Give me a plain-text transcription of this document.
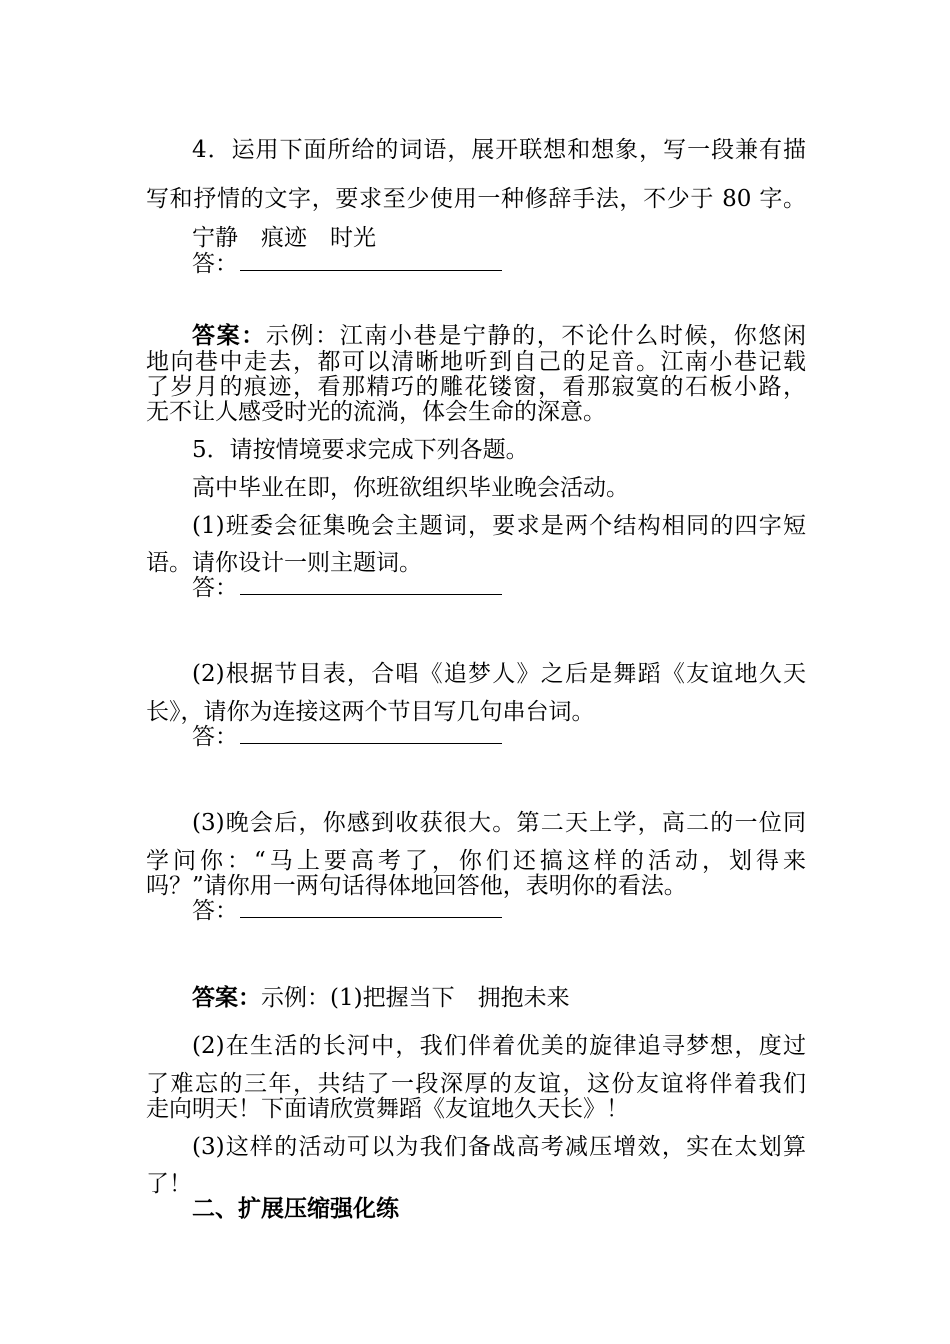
4．运用下面所给的词语，展开联想和想象，写一段兼有描
写和抒情的文字，要求至少使用一种修辞手法，不少于 80 字。
宁静　痕迹　时光
答：
答案：示例：江南小巷是宁静的，不论什么时候，你悠闲
地向巷中走去，都可以清晰地听到自己的足音。江南小巷记载
了岁月的痕迹，看那精巧的雕花镂窗，看那寂寞的石板小路，
无不让人感受时光的流淌，体会生命的深意。
5．请按情境要求完成下列各题。
高中毕业在即，你班欲组织毕业晚会活动。
(1)班委会征集晚会主题词，要求是两个结构相同的四字短
语。请你设计一则主题词。
答：
(2)根据节目表，合唱《追梦人》之后是舞蹈《友谊地久天
长》，请你为连接这两个节目写几句串台词。
答：
(3)晚会后，你感到收获很大。第二天上学，高二的一位同
学问你：“马上要高考了，你们还搞这样的活动，划得来
吗？”请你用一两句话得体地回答他，表明你的看法。
答：
答案：示例：(1)把握当下　拥抱未来
(2)在生活的长河中，我们伴着优美的旋律追寻梦想，度过
了难忘的三年，共结了一段深厚的友谊，这份友谊将伴着我们
走向明天！下面请欣赏舞蹈《友谊地久天长》！
(3)这样的活动可以为我们备战高考减压增效，实在太划算
了！
二、扩展压缩强化练
